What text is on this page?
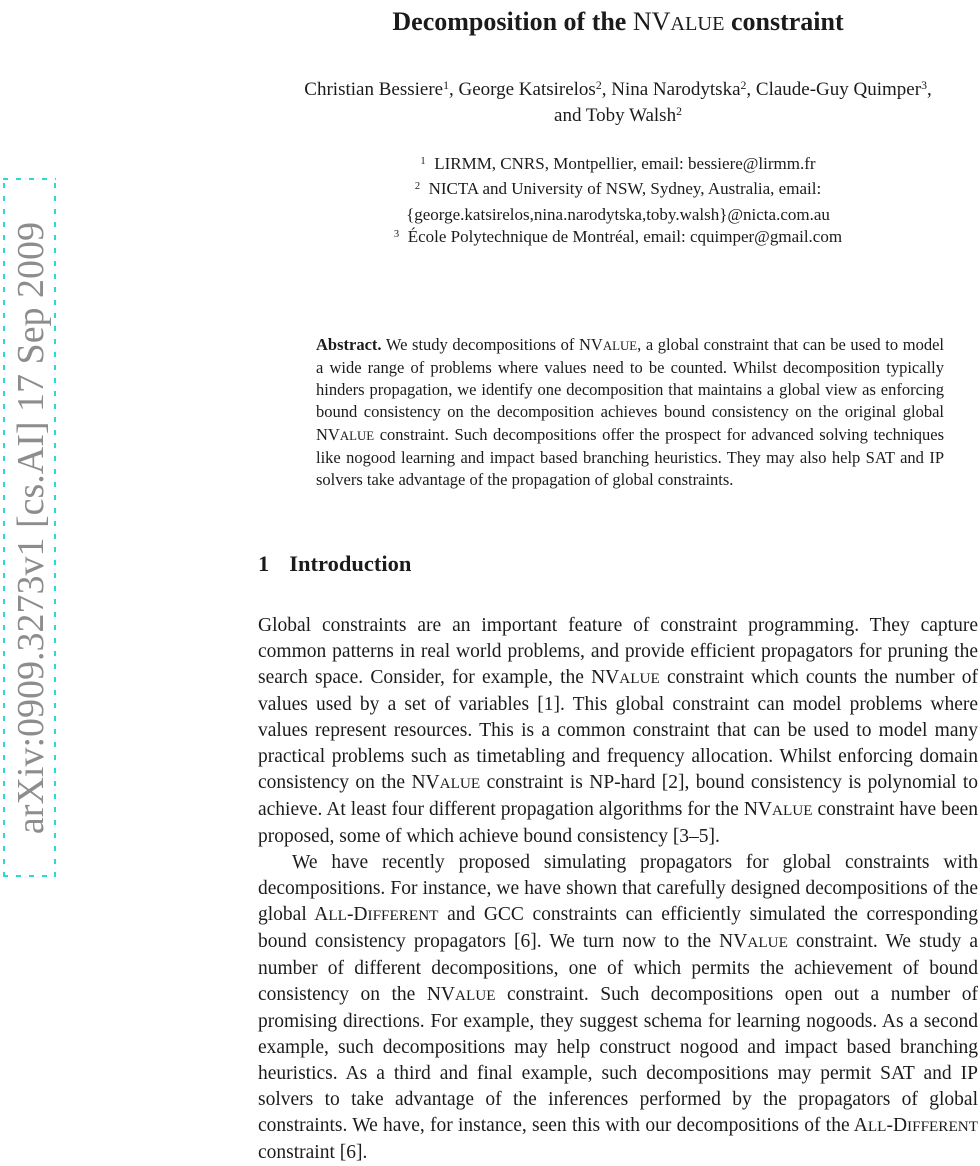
arXiv:0909.3273v1 [cs.AI] 17 Sep 2009
Decomposition of the NVALUE constraint
Christian Bessiere$^1$, George Katsirelos$^2$, Nina Narodytska$^2$, Claude-Guy Quimper$^3$,
and Toby Walsh$^2$
$^1$ LIRMM, CNRS, Montpellier, email: bessiere@lirmm.fr
$^2$ NICTA and University of NSW, Sydney, Australia, email:
{george.katsirelos,nina.narodytska,toby.walsh}@nicta.com.au
$^3$ École Polytechnique de Montréal, email: cquimper@gmail.com

Abstract. We study decompositions of NVALUE, a global constraint that can be used to model a wide range of problems where values need to be counted. Whilst decomposition typically hinders propagation, we identify one decomposition that maintains a global view as enforcing bound consistency on the decomposition achieves bound consistency on the original global NVALUE constraint. Such decompositions offer the prospect for advanced solving techniques like nogood learning and impact based branching heuristics. They may also help SAT and IP solvers take advantage of the propagation of global constraints.

1 Introduction

Global constraints are an important feature of constraint programming. They capture common patterns in real world problems, and provide efficient propagators for pruning the search space. Consider, for example, the NVALUE constraint which counts the number of values used by a set of variables [1]. This global constraint can model problems where values represent resources. This is a common constraint that can be used to model many practical problems such as timetabling and frequency allocation. Whilst enforcing domain consistency on the NVALUE constraint is NP-hard [2], bound consistency is polynomial to achieve. At least four different propagation algorithms for the NVALUE constraint have been proposed, some of which achieve bound consistency [3–5].

We have recently proposed simulating propagators for global constraints with decompositions. For instance, we have shown that carefully designed decompositions of the global ALL-DIFFERENT and GCC constraints can efficiently simulated the corresponding bound consistency propagators [6]. We turn now to the NVALUE constraint. We study a number of different decompositions, one of which permits the achievement of bound consistency on the NVALUE constraint. Such decompositions open out a number of promising directions. For example, they suggest schema for learning nogoods. As a second example, such decompositions may help construct nogood and impact based branching heuristics. As a third and final example, such decompositions may permit SAT and IP solvers to take advantage of the inferences performed by the propagators of global constraints. We have, for instance, seen this with our decompositions of the ALL-DIFFERENT constraint [6].
